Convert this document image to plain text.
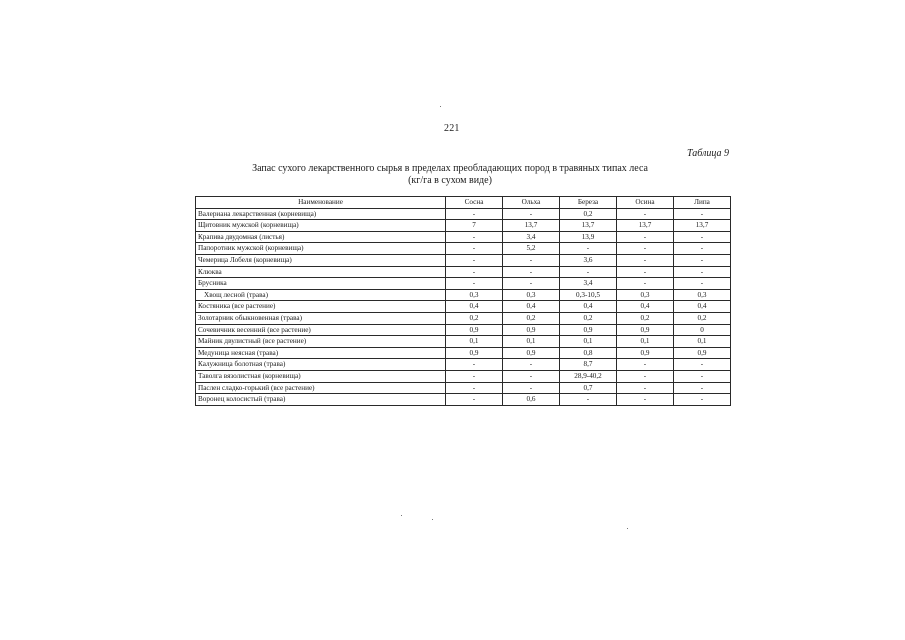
221
Таблица 9
Запас сухого лекарственного сырья в пределах преобладающих пород в травяных типах леса
(кг/га в сухом виде)
Наименование	Сосна	Ольха	Береза	Осина	Липа
Валериана лекарственная (корневища)	-	-	0,2	-	-
Щитовник мужской (корневища)	7	13,7	13,7	13,7	13,7
Крапива двудомная (листья)	-	3,4	13,9	-	-
Папоротник мужской (корневища)	-	5,2	-	-	-
Чемерица Лобеля (корневища)	-	-	3,6	-	-
Клюква	-	-	-	-	-
Брусника	-	-	3,4	-	-
Хвощ лесной (трава)	0,3	0,3	0,3-10,5	0,3	0,3
Костяника (все растение)	0,4	0,4	0,4	0,4	0,4
Золотарник обыкновенная (трава)	0,2	0,2	0,2	0,2	0,2
Сочевичник весенний (все растение)	0,9	0,9	0,9	0,9	0
Майник двулистный (все растение)	0,1	0,1	0,1	0,1	0,1
Медуница неясная (трава)	0,9	0,9	0,8	0,9	0,9
Калужница болотная (трава)	-	-	8,7	-	-
Таволга вязолистная (корневища)	-	-	28,9-40,2	-	-
Паслен сладко-горький (все растение)	-	-	0,7	-	-
Воронец колосистый (трава)	-	0,6	-	-	-
